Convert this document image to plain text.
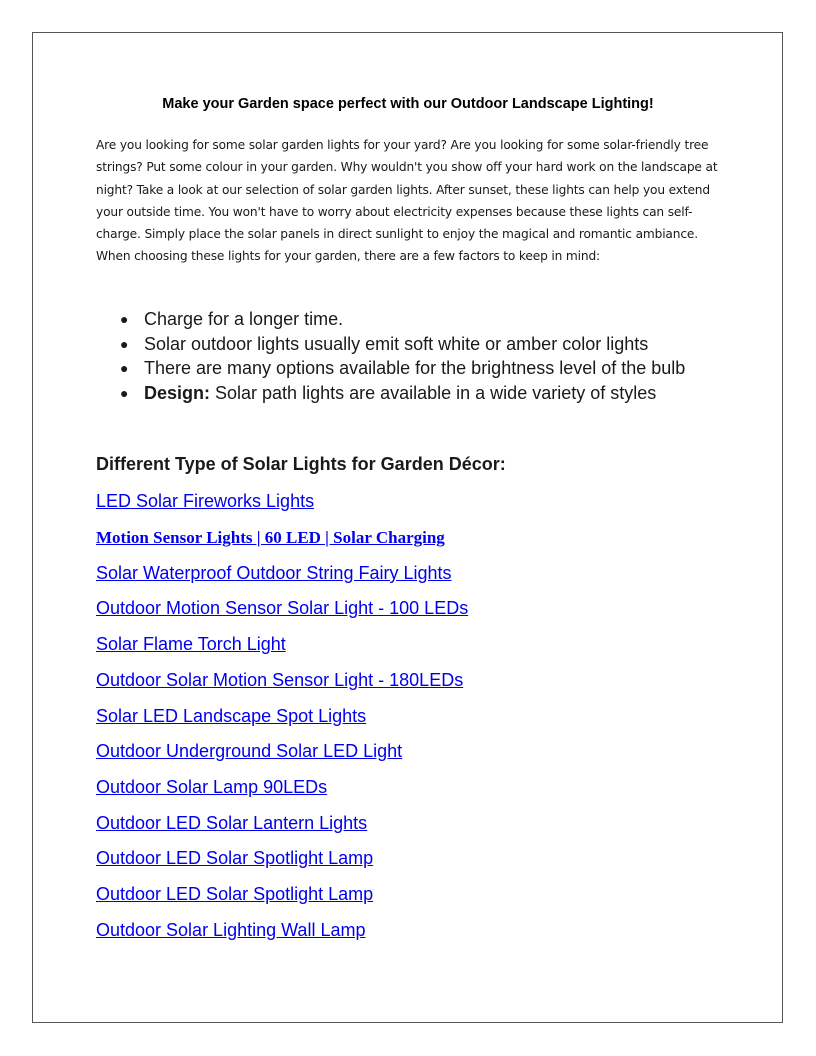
Make your Garden space perfect with our Outdoor Landscape Lighting!

Are you looking for some solar garden lights for your yard? Are you looking for some solar-friendly tree strings? Put some colour in your garden. Why wouldn't you show off your hard work on the landscape at night? Take a look at our selection of solar garden lights. After sunset, these lights can help you extend your outside time. You won't have to worry about electricity expenses because these lights can self-charge. Simply place the solar panels in direct sunlight to enjoy the magical and romantic ambiance. When choosing these lights for your garden, there are a few factors to keep in mind:

● Charge for a longer time.
● Solar outdoor lights usually emit soft white or amber color lights
● There are many options available for the brightness level of the bulb
● Design: Solar path lights are available in a wide variety of styles
Different Type of Solar Lights for Garden Décor:
LED Solar Fireworks Lights
Motion Sensor Lights | 60 LED | Solar Charging
Solar Waterproof Outdoor String Fairy Lights
Outdoor Motion Sensor Solar Light - 100 LEDs
Solar Flame Torch Light
Outdoor Solar Motion Sensor Light - 180LEDs
Solar LED Landscape Spot Lights
Outdoor Underground Solar LED Light
Outdoor Solar Lamp 90LEDs
Outdoor LED Solar Lantern Lights
Outdoor LED Solar Spotlight Lamp
Outdoor LED Solar Spotlight Lamp
Outdoor Solar Lighting Wall Lamp
